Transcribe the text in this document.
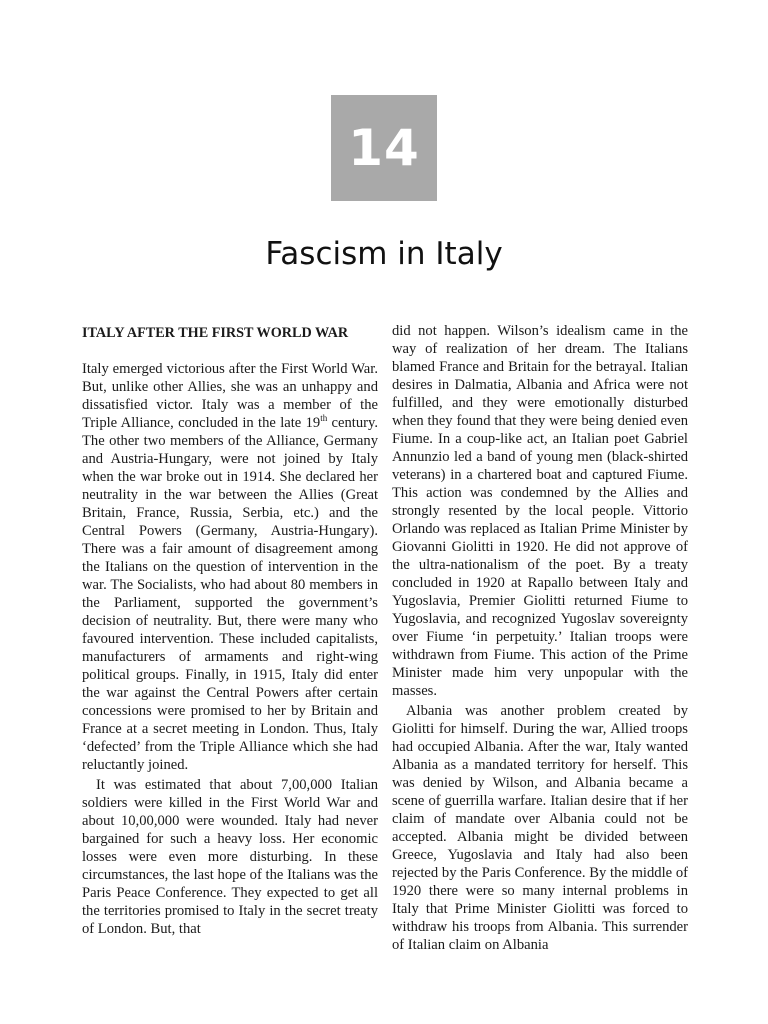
14
Fascism in Italy
ITALY AFTER THE FIRST WORLD WAR

Italy emerged victorious after the First World War. But, unlike other Allies, she was an unhappy and dissatisfied victor. Italy was a member of the Triple Alliance, concluded in the late 19th century. The other two members of the Alliance, Germany and Austria-Hungary, were not joined by Italy when the war broke out in 1914. She declared her neutrality in the war between the Allies (Great Britain, France, Russia, Serbia, etc.) and the Central Powers (Germany, Austria-Hungary). There was a fair amount of disagreement among the Italians on the question of intervention in the war. The Socialists, who had about 80 members in the Parliament, supported the government’s decision of neutrality. But, there were many who favoured intervention. These included capitalists, manufacturers of armaments and right-wing political groups. Finally, in 1915, Italy did enter the war against the Central Powers after certain concessions were promised to her by Britain and France at a secret meeting in London. Thus, Italy ‘defected’ from the Triple Alliance which she had reluctantly joined.

It was estimated that about 7,00,000 Italian soldiers were killed in the First World War and about 10,00,000 were wounded. Italy had never bargained for such a heavy loss. Her economic losses were even more disturbing. In these circumstances, the last hope of the Italians was the Paris Peace Conference. They expected to get all the territories promised to Italy in the secret treaty of London. But, that

did not happen. Wilson’s idealism came in the way of realization of her dream. The Italians blamed France and Britain for the betrayal. Italian desires in Dalmatia, Albania and Africa were not fulfilled, and they were emotionally disturbed when they found that they were being denied even Fiume. In a coup-like act, an Italian poet Gabriel Annunzio led a band of young men (black-shirted veterans) in a chartered boat and captured Fiume. This action was condemned by the Allies and strongly resented by the local people. Vittorio Orlando was replaced as Italian Prime Minister by Giovanni Giolitti in 1920. He did not approve of the ultra-nationalism of the poet. By a treaty concluded in 1920 at Rapallo between Italy and Yugoslavia, Premier Giolitti returned Fiume to Yugoslavia, and recognized Yugoslav sovereignty over Fiume ‘in perpetuity.’ Italian troops were withdrawn from Fiume. This action of the Prime Minister made him very unpopular with the masses.

Albania was another problem created by Giolitti for himself. During the war, Allied troops had occupied Albania. After the war, Italy wanted Albania as a mandated territory for herself. This was denied by Wilson, and Albania became a scene of guerrilla warfare. Italian desire that if her claim of mandate over Albania could not be accepted. Albania might be divided between Greece, Yugoslavia and Italy had also been rejected by the Paris Conference. By the middle of 1920 there were so many internal problems in Italy that Prime Minister Giolitti was forced to withdraw his troops from Albania. This surrender of Italian claim on Albania
